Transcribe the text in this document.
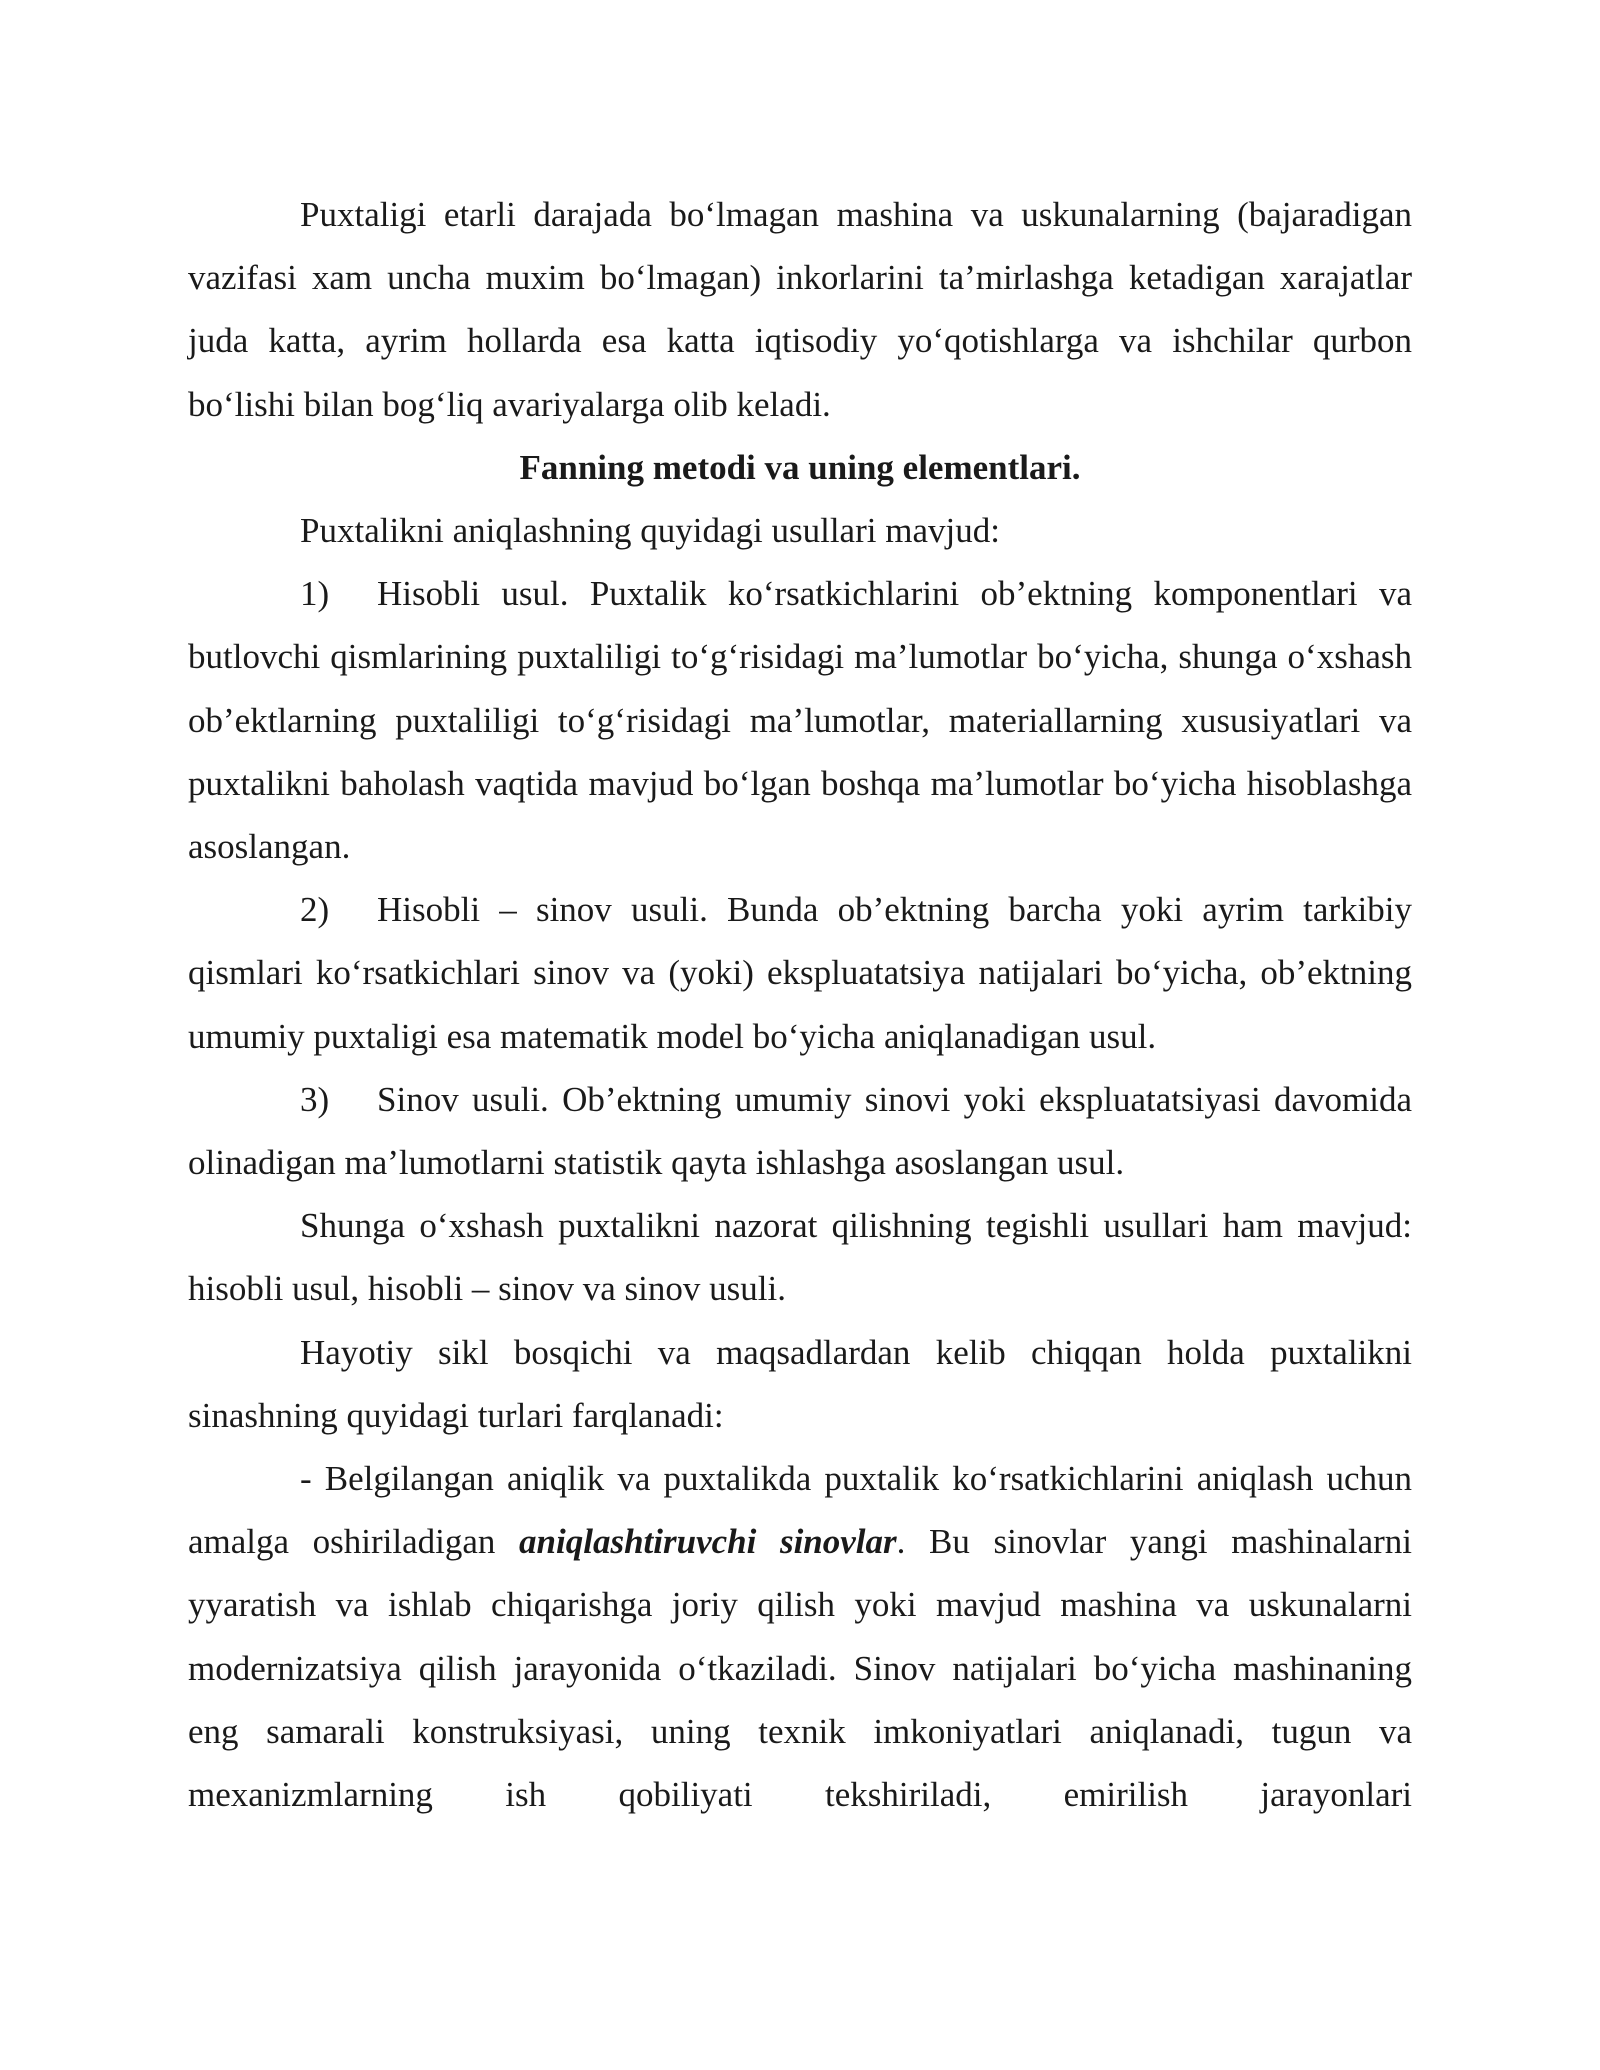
Puxtaligi etarli darajada bo‘lmagan mashina va uskunalarning (bajaradigan vazifasi xam uncha muxim bo‘lmagan) inkorlarini ta’mirlashga ketadigan xarajatlar juda katta, ayrim hollarda esa katta iqtisodiy yo‘qotishlarga va ishchilar qurbon bo‘lishi bilan bog‘liq avariyalarga olib keladi.

Fanning metodi va uning elementlari.

Puxtalikni aniqlashning quyidagi usullari mavjud:

1) Hisobli usul. Puxtalik ko‘rsatkichlarini ob’ektning komponentlari va butlovchi qismlarining puxtaliligi to‘g‘risidagi ma’lumotlar bo‘yicha, shunga o‘xshash ob’ektlarning puxtaliligi to‘g‘risidagi ma’lumotlar, materiallarning xususiyatlari va puxtalikni baholash vaqtida mavjud bo‘lgan boshqa ma’lumotlar bo‘yicha hisoblashga asoslangan.

2) Hisobli – sinov usuli. Bunda ob’ektning barcha yoki ayrim tarkibiy qismlari ko‘rsatkichlari sinov va (yoki) ekspluatatsiya natijalari bo‘yicha, ob’ektning umumiy puxtaligi esa matematik model bo‘yicha aniqlanadigan usul.

3) Sinov usuli. Ob’ektning umumiy sinovi yoki ekspluatatsiyasi davomida olinadigan ma’lumotlarni statistik qayta ishlashga asoslangan usul.

Shunga o‘xshash puxtalikni nazorat qilishning tegishli usullari ham mavjud: hisobli usul, hisobli – sinov va sinov usuli.

Hayotiy sikl bosqichi va maqsadlardan kelib chiqqan holda puxtalikni sinashning quyidagi turlari farqlanadi:

- Belgilangan aniqlik va puxtalikda puxtalik ko‘rsatkichlarini aniqlash uchun amalga oshiriladigan aniqlashtiruvchi sinovlar. Bu sinovlar yangi mashinalarni yyaratish va ishlab chiqarishga joriy qilish yoki mavjud mashina va uskunalarni modernizatsiya qilish jarayonida o‘tkaziladi. Sinov natijalari bo‘yicha mashinaning eng samarali konstruksiyasi, uning texnik imkoniyatlari aniqlanadi, tugun va mexanizmlarning ish qobiliyati tekshiriladi, emirilish jarayonlari
